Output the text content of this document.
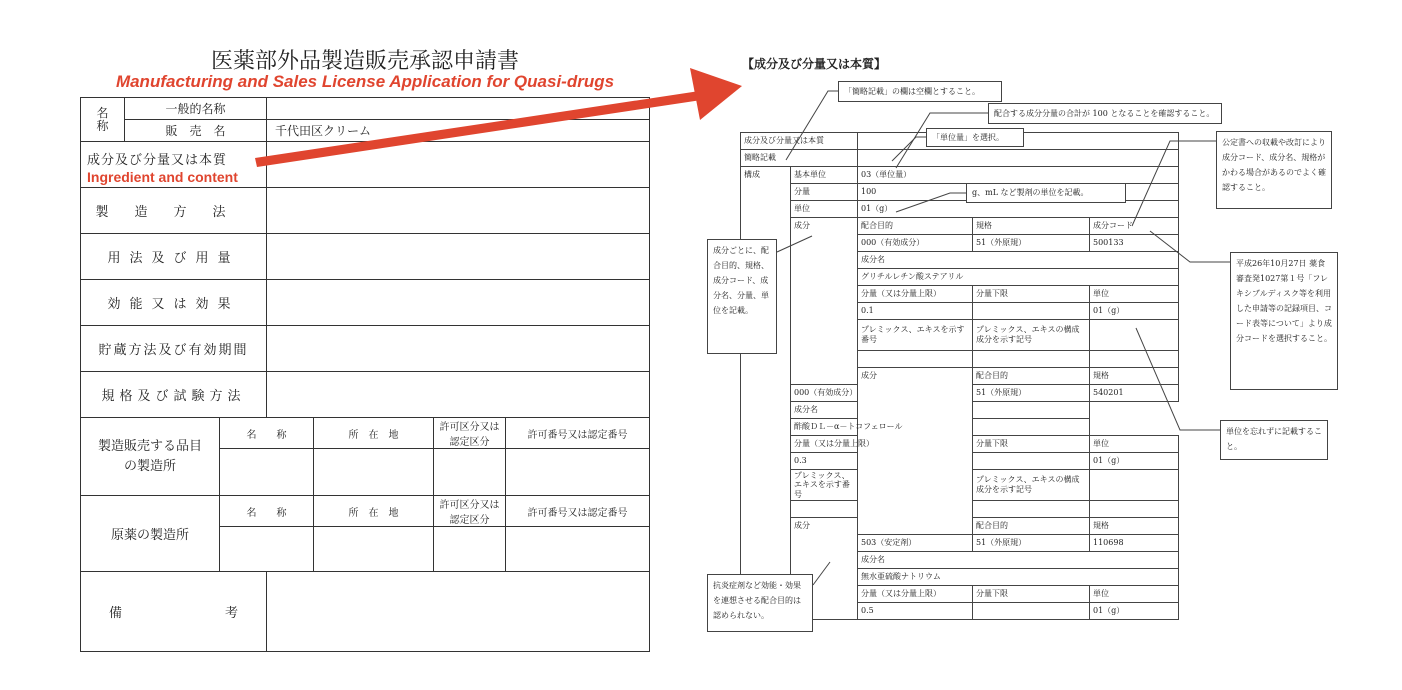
医薬部外品製造販売承認申請書
Manufacturing and Sales License Application for Quasi-drugs
名 称	一般的名称					
	販　売　名		千代田区クリーム			

成分及び分量又は本質
Ingredient and content						

製造方法						
用法及び用量						
効能又は効果						
貯蔵方法及び有効期間						
規格及び試験方法						
製造販売する品目の製造所		名　　称		所　在　地	許可区分又は認定区分	許可番号又は認定番号

原薬の製造所		名　　称		所　在　地	許可区分又は認定区分	許可番号又は認定番号

備 考						

【成分及び分量又は本質】
成分及び分量又は本質					
簡略記載					
構成	基本単位	03（単位量）			
	分量	100			
	単位	01（g）			
	成分	配合目的	規格	成分コード	
		000（有効成分）	51（外原規）	500133	
		成分名			
		グリチルレチン酸ステアリル			
		分量（又は分量上限）	分量下限	単位	
		0.1		01（g）	
		プレミックス、エキスを示す番号	プレミックス、エキスの構成成分を示す記号		

		成分	配合目的	規格	
	000（有効成分）		51（外原規）	540201	
	成分名				
	酢酸ＤＬ－α－トコフェロール				
	分量（又は分量上限）		分量下限	単位	
	0.3			01（g）	
	プレミックス、エキスを示す番号		プレミックス、エキスの構成成分を示す記号		

	成分		配合目的	規格	
		503（安定剤）	51（外原規）	110698	
		成分名			
		無水亜硫酸ナトリウム			
		分量（又は分量上限）	分量下限	単位	
		0.5		01（g）	
「簡略記載」の欄は空欄とすること。
配合する成分分量の合計が 100 となることを確認すること。
「単位量」を選択。
g、mL など製剤の単位を記載。
公定書への収載や改訂により成分コード、成分名、規格がかわる場合があるのでよく確認すること。
成分ごとに、配合目的、規格、成分コード、成分名、分量、単位を記載。
平成26年10月27日 薬食審査発1027第１号「フレキシブルディスク等を利用した申請等の記録項目、コード表等について」より成分コードを選択すること。
単位を忘れずに記載すること。
抗炎症剤など効能・効果を連想させる配合目的は認められない。
